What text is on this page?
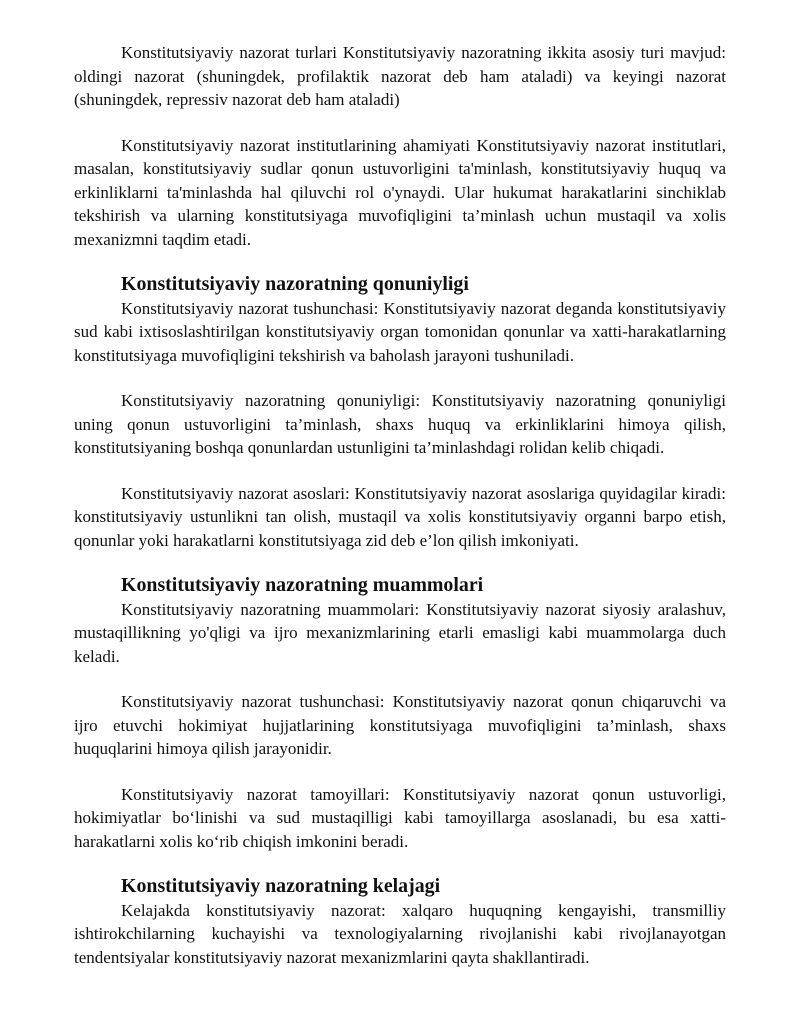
Konstitutsiyaviy nazorat turlari Konstitutsiyaviy nazoratning ikkita asosiy turi mavjud: oldingi nazorat (shuningdek, profilaktik nazorat deb ham ataladi) va keyingi nazorat (shuningdek, repressiv nazorat deb ham ataladi)

Konstitutsiyaviy nazorat institutlarining ahamiyati Konstitutsiyaviy nazorat institutlari, masalan, konstitutsiyaviy sudlar qonun ustuvorligini ta'minlash, konstitutsiyaviy huquq va erkinliklarni ta'minlashda hal qiluvchi rol o'ynaydi. Ular hukumat harakatlarini sinchiklab tekshirish va ularning konstitutsiyaga muvofiqligini ta’minlash uchun mustaqil va xolis mexanizmni taqdim etadi.

Konstitutsiyaviy nazoratning qonuniyligi

Konstitutsiyaviy nazorat tushunchasi: Konstitutsiyaviy nazorat deganda konstitutsiyaviy sud kabi ixtisoslashtirilgan konstitutsiyaviy organ tomonidan qonunlar va xatti-harakatlarning konstitutsiyaga muvofiqligini tekshirish va baholash jarayoni tushuniladi.

Konstitutsiyaviy nazoratning qonuniyligi: Konstitutsiyaviy nazoratning qonuniyligi uning qonun ustuvorligini ta’minlash, shaxs huquq va erkinliklarini himoya qilish, konstitutsiyaning boshqa qonunlardan ustunligini ta’minlashdagi rolidan kelib chiqadi.

Konstitutsiyaviy nazorat asoslari: Konstitutsiyaviy nazorat asoslariga quyidagilar kiradi: konstitutsiyaviy ustunlikni tan olish, mustaqil va xolis konstitutsiyaviy organni barpo etish, qonunlar yoki harakatlarni konstitutsiyaga zid deb e’lon qilish imkoniyati.

Konstitutsiyaviy nazoratning muammolari

Konstitutsiyaviy nazoratning muammolari: Konstitutsiyaviy nazorat siyosiy aralashuv, mustaqillikning yo'qligi va ijro mexanizmlarining etarli emasligi kabi muammolarga duch keladi.

Konstitutsiyaviy nazorat tushunchasi: Konstitutsiyaviy nazorat qonun chiqaruvchi va ijro etuvchi hokimiyat hujjatlarining konstitutsiyaga muvofiqligini ta’minlash, shaxs huquqlarini himoya qilish jarayonidir.

Konstitutsiyaviy nazorat tamoyillari: Konstitutsiyaviy nazorat qonun ustuvorligi, hokimiyatlar bo‘linishi va sud mustaqilligi kabi tamoyillarga asoslanadi, bu esa xatti-harakatlarni xolis ko‘rib chiqish imkonini beradi.

Konstitutsiyaviy nazoratning kelajagi

Kelajakda konstitutsiyaviy nazorat: xalqaro huquqning kengayishi, transmilliy ishtirokchilarning kuchayishi va texnologiyalarning rivojlanishi kabi rivojlanayotgan tendentsiyalar konstitutsiyaviy nazorat mexanizmlarini qayta shakllantiradi.
